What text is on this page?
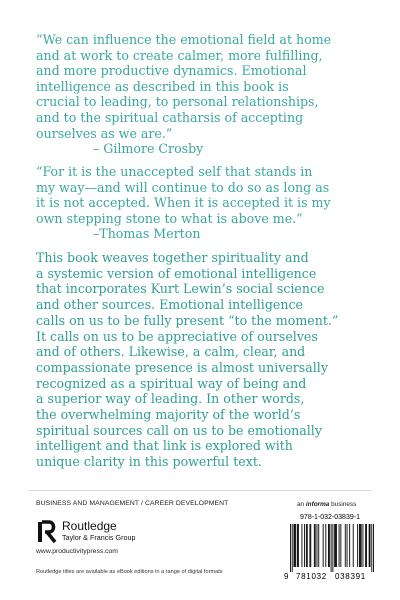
“We can influence the emotional field at home
and at work to create calmer, more fulfilling,
and more productive dynamics. Emotional
intelligence as described in this book is
crucial to leading, to personal relationships,
and to the spiritual catharsis of accepting
ourselves as we are.”
– Gilmore Crosby
“For it is the unaccepted self that stands in
my way—and will continue to do so as long as
it is not accepted. When it is accepted it is my
own stepping stone to what is above me.”
–Thomas Merton
This book weaves together spirituality and
a systemic version of emotional intelligence
that incorporates Kurt Lewin’s social science
and other sources. Emotional intelligence
calls on us to be fully present “to the moment.”
It calls on us to be appreciative of ourselves
and of others. Likewise, a calm, clear, and
compassionate presence is almost universally
recognized as a spiritual way of being and
a superior way of leading. In other words,
the overwhelming majority of the world’s
spiritual sources call on us to be emotionally
intelligent and that link is explored with
unique clarity in this powerful text.
BUSINESS AND MANAGEMENT / CAREER DEVELOPMENT	an informa business
Routledge
Taylor & Francis Group
www.productivitypress.com
Routledge titles are available as eBook editions in a range of digital formats
978-1-032-03839-1
9 781032 038391
